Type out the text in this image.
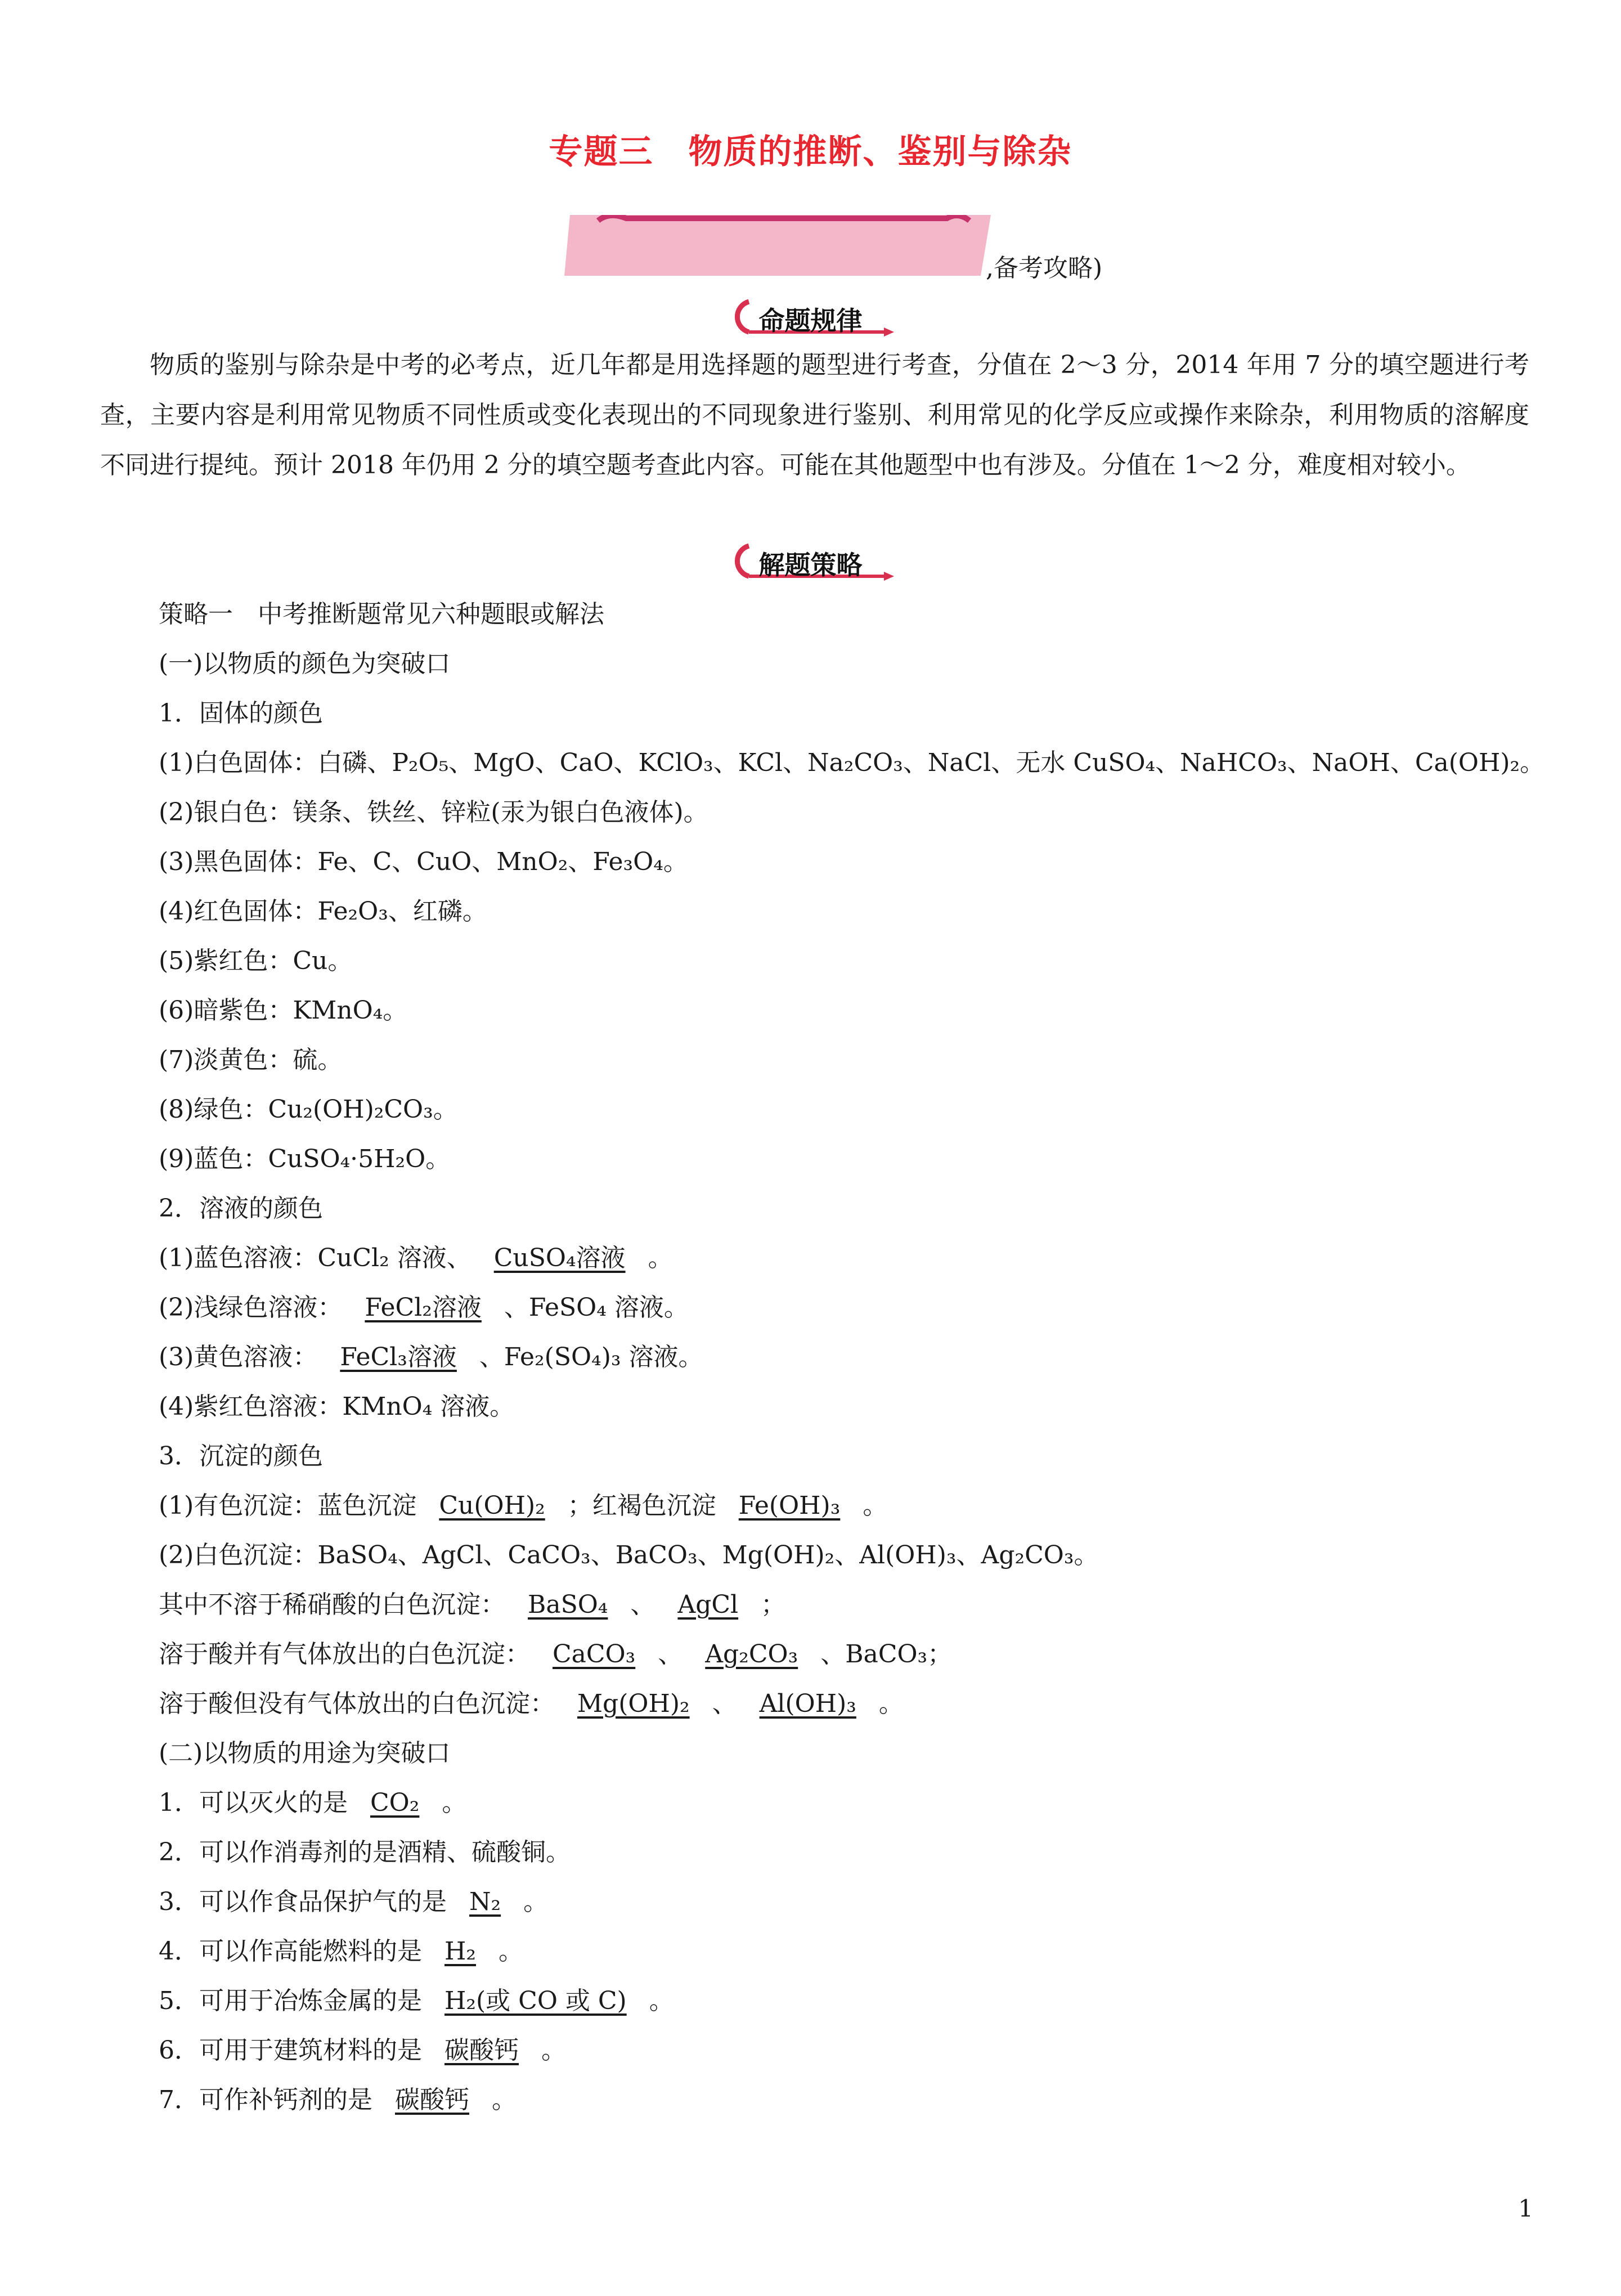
专题三　物质的推断、鉴别与除杂
,备考攻略)
命题规律

物质的鉴别与除杂是中考的必考点，近几年都是用选择题的题型进行考查，分值在 2～3 分，2014 年用 7 分的填空题进行考查，主要内容是利用常见物质不同性质或变化表现出的不同现象进行鉴别、利用常见的化学反应或操作来除杂，利用物质的溶解度不同进行提纯。预计 2018 年仍用 2 分的填空题考查此内容。可能在其他题型中也有涉及。分值在 1～2 分，难度相对较小。

解题策略
策略一　中考推断题常见六种题眼或解法
(一)以物质的颜色为突破口
1．固体的颜色
(1)白色固体：白磷、P₂O₅、MgO、CaO、KClO₃、KCl、Na₂CO₃、NaCl、无水 CuSO₄、NaHCO₃、NaOH、Ca(OH)₂。
(2)银白色：镁条、铁丝、锌粒(汞为银白色液体)。
(3)黑色固体：Fe、C、CuO、MnO₂、Fe₃O₄。
(4)红色固体：Fe₂O₃、红磷。
(5)紫红色：Cu。
(6)暗紫色：KMnO₄。
(7)淡黄色：硫。
(8)绿色：Cu₂(OH)₂CO₃。
(9)蓝色：CuSO₄·5H₂O。
2．溶液的颜色
(1)蓝色溶液：CuCl₂ 溶液、 CuSO₄溶液 。
(2)浅绿色溶液： FeCl₂溶液 、FeSO₄ 溶液。
(3)黄色溶液： FeCl₃溶液 、Fe₂(SO₄)₃ 溶液。
(4)紫红色溶液：KMnO₄ 溶液。
3．沉淀的颜色
(1)有色沉淀：蓝色沉淀 Cu(OH)₂ ；红褐色沉淀 Fe(OH)₃ 。
(2)白色沉淀：BaSO₄、AgCl、CaCO₃、BaCO₃、Mg(OH)₂、Al(OH)₃、Ag₂CO₃。
其中不溶于稀硝酸的白色沉淀： BaSO₄ 、 AgCl ；
溶于酸并有气体放出的白色沉淀： CaCO₃ 、 Ag₂CO₃ 、BaCO₃；
溶于酸但没有气体放出的白色沉淀： Mg(OH)₂ 、 Al(OH)₃ 。
(二)以物质的用途为突破口
1．可以灭火的是 CO₂ 。
2．可以作消毒剂的是酒精、硫酸铜。
3．可以作食品保护气的是 N₂ 。
4．可以作高能燃料的是 H₂ 。
5．可用于冶炼金属的是 H₂(或 CO 或 C) 。
6．可用于建筑材料的是 碳酸钙 。
7．可作补钙剂的是 碳酸钙 。
1
